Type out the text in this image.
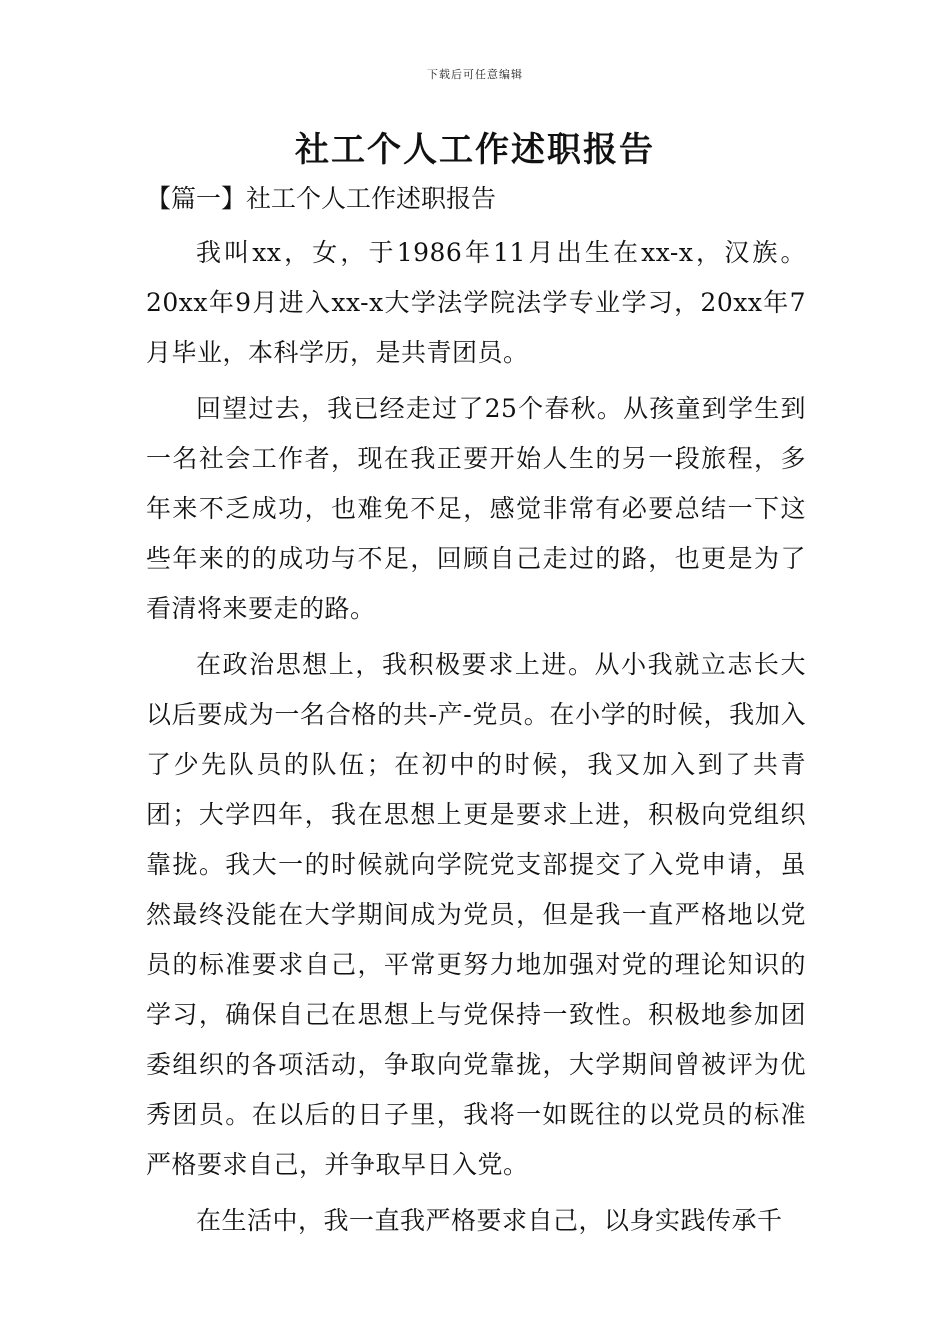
下载后可任意编辑
社工个人工作述职报告
【篇一】社工个人工作述职报告

我叫xx，女，于1986年11月出生在xx-x，汉族。20xx年9月进入xx-x大学法学院法学专业学习，20xx年7月毕业，本科学历，是共青团员。

回望过去，我已经走过了25个春秋。从孩童到学生到一名社会工作者，现在我正要开始人生的另一段旅程，多年来不乏成功，也难免不足，感觉非常有必要总结一下这些年来的的成功与不足，回顾自己走过的路，也更是为了看清将来要走的路。

在政治思想上，我积极要求上进。从小我就立志长大以后要成为一名合格的共-产-党员。在小学的时候，我加入了少先队员的队伍；在初中的时候，我又加入到了共青团；大学四年，我在思想上更是要求上进，积极向党组织靠拢。我大一的时候就向学院党支部提交了入党申请，虽然最终没能在大学期间成为党员，但是我一直严格地以党员的标准要求自己，平常更努力地加强对党的理论知识的学习，确保自己在思想上与党保持一致性。积极地参加团委组织的各项活动，争取向党靠拢，大学期间曾被评为优秀团员。在以后的日子里，我将一如既往的以党员的标准严格要求自己，并争取早日入党。

在生活中，我一直我严格要求自己，以身实践传承千
